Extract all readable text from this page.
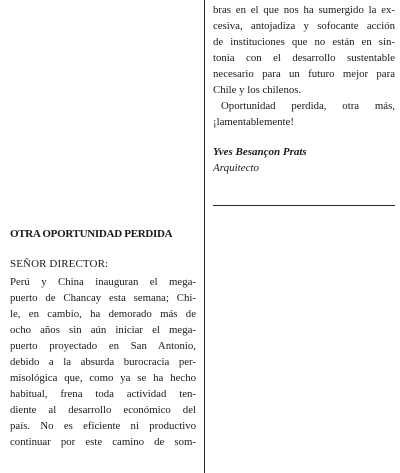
bras en el que nos ha sumergido la ex-
cesiva, antojadiza y sofocante acción
de instituciones que no están en sin-
tonía con el desarrollo sustentable
necesario para un futuro mejor para
Chile y los chilenos.
Oportunidad perdida, otra más,
¡lamentablemente!
Yves Besançon Prats
Arquitecto
OTRA OPORTUNIDAD PERDIDA
SEÑOR DIRECTOR:
Perú y China inauguran el mega-
puerto de Chancay esta semana; Chi-
le, en cambio, ha demorado más de
ocho años sin aún iniciar el mega-
puerto proyectado en San Antonio,
debido a la absurda burocracia per-
misológica que, como ya se ha hecho
habitual, frena toda actividad ten-
diente al desarrollo económico del
país. No es eficiente ni productivo
continuar por este camino de som-
